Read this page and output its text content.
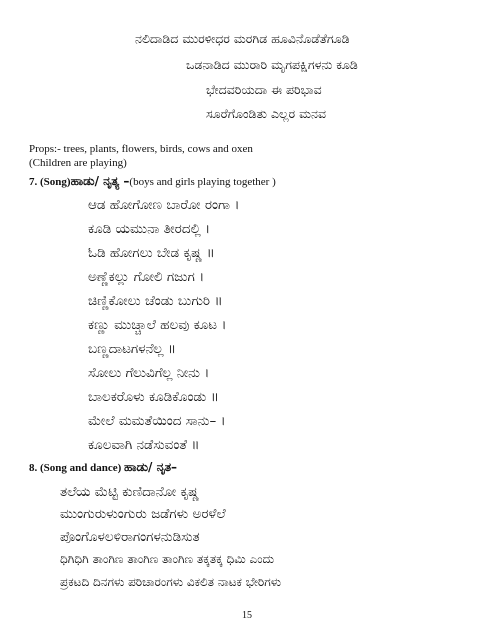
ನಲಿದಾಡಿದ ಮುರಳೀಧರ ಮರಗಿಡ ಹೂವಿನೊಡೆತೆಗೂಡಿ
ಒಡನಾಡಿದ ಮುರಾರಿ ಮೃಗಪಕ್ಷಿಗಳನು ಕೂಡಿ
ಭೇದವರಿಯದಾ ಈ ಪರಿಭಾವ
ಸೂರೆಗೊಂಡಿತು ಎಲ್ಲರ ಮನವ
Props:- trees, plants, flowers, birds, cows and oxen
(Children are playing)
7. (Song)ಹಾಡು/ ನೃತ್ಯ –(boys and girls playing together )
ಆಡ ಹೋಗೋಣ ಬಾರೋ ರಂಗಾ ।
ಕೂಡಿ ಯಮುನಾ ತೀರದಲ್ಲಿ ।
ಓಡಿ ಹೋಗಲು ಬೇಡ ಕೃಷ್ಣ ॥
ಅಣ್ಣೆಕಲ್ಲು ಗೋಲಿ ಗಜುಗ ।
ಚಿಣ್ಣಿಕೋಲು ಚೆಂಡು ಬುಗುರಿ ॥
ಕಣ್ಣು ಮುಚ್ಚಾಲೆ ಹಲವು ಕೂಟ ।
ಬಣ್ಣದಾಟಗಳನೆಲ್ಲ ॥
ಸೋಲು ಗೆಲುವಿಗೆಲ್ಲ ನೀನು ।
ಬಾಲಕರೊಳು ಕೂಡಿಕೊಂಡು ॥
ಮೇಲೆ ಮಮತೆಯಿಂದ ಸಾನು– ।
ಕೂಲವಾಗಿ ನಡೆಸುವಂತೆ ॥
8. (Song and dance) ಹಾಡು/ ನೃತ–
ತಲೆಯ ಮೆಟ್ಟಿ ಕುಣಿದಾನೋ ಕೃಷ್ಣ
ಮುಂಗುರುಳುಂಗುರು ಜಡೆಗಳು ಅರಳೆಲೆ
ಪೊಂಗೊಳಲಳಿರಾಗಂಗಳನುಡಿಸುತ
ಧಿಗಿಧಿಗಿ ತಾಂಗಿಣ ತಾಂಗಿಣ ತಾಂಗಿಣ ತಕ್ಕತಕ್ಕ ಧಿಮಿ ಎಂದು
ಪ್ರಕಟದಿ ದಿನಗಳು ಪರಿಚಾರಂಗಳು ವಿಕಲಿತ ನಾಟಕ ಭೇರಿಗಳು
15
